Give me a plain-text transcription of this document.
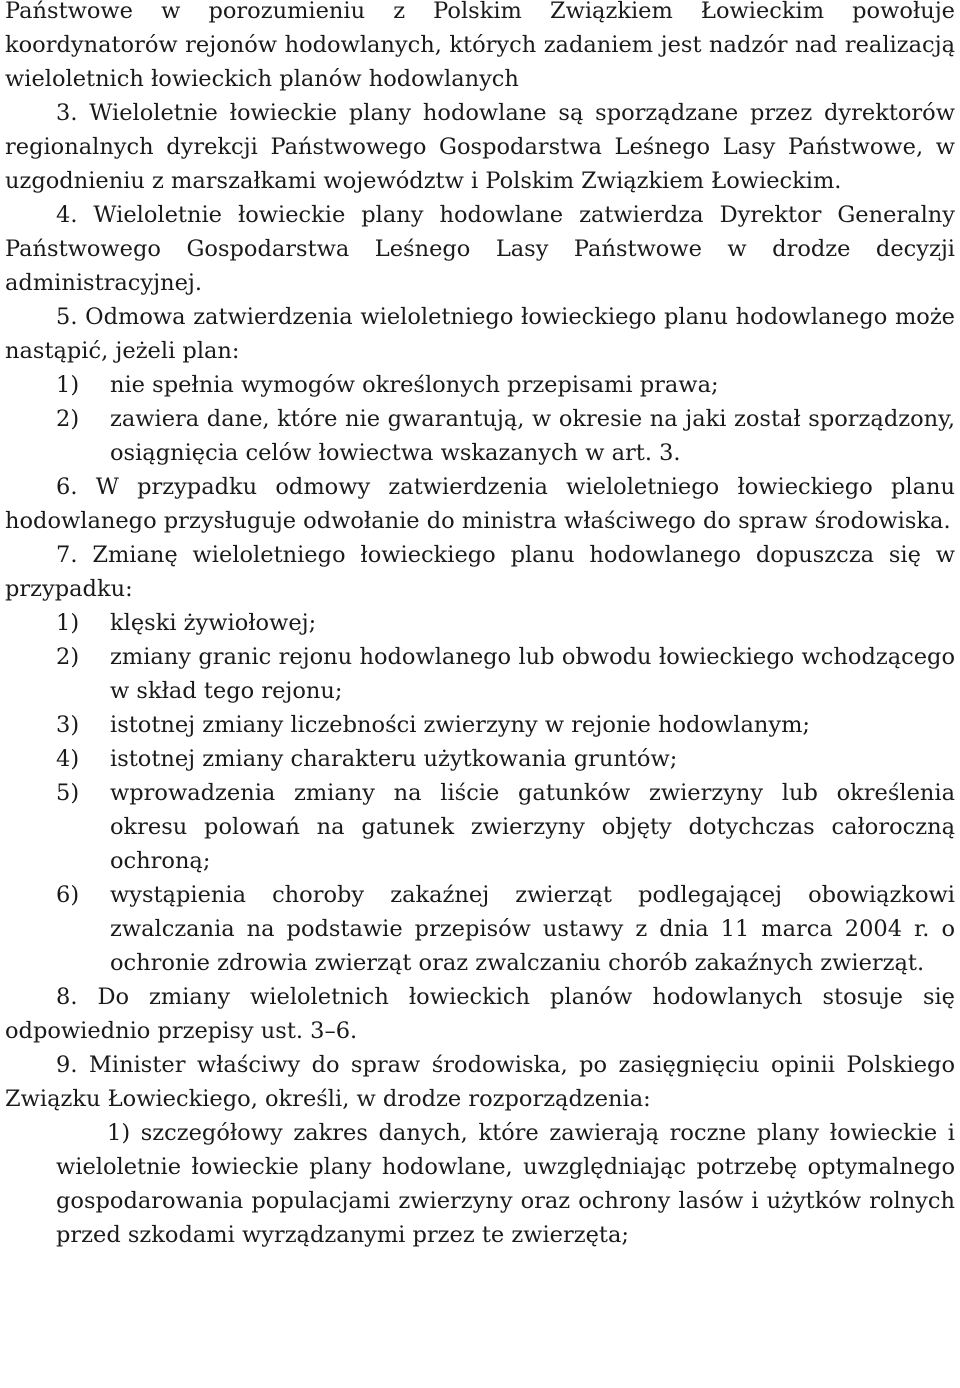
Państwowe w porozumieniu z Polskim Związkiem Łowieckim powołuje koordynatorów rejonów hodowlanych, których zadaniem jest nadzór nad realizacją wieloletnich łowieckich planów hodowlanych

3. Wieloletnie łowieckie plany hodowlane są sporządzane przez dyrektorów regionalnych dyrekcji Państwowego Gospodarstwa Leśnego Lasy Państwowe, w uzgodnieniu z marszałkami województw i Polskim Związkiem Łowieckim.

4. Wieloletnie łowieckie plany hodowlane zatwierdza Dyrektor Generalny Państwowego Gospodarstwa Leśnego Lasy Państwowe w drodze decyzji administracyjnej.

5. Odmowa zatwierdzenia wieloletniego łowieckiego planu hodowlanego może nastąpić, jeżeli plan:

1) nie spełnia wymogów określonych przepisami prawa;
2) zawiera dane, które nie gwarantują, w okresie na jaki został sporządzony, osiągnięcia celów łowiectwa wskazanych w art. 3.

6. W przypadku odmowy zatwierdzenia wieloletniego łowieckiego planu hodowlanego przysługuje odwołanie do ministra właściwego do spraw środowiska.

7. Zmianę wieloletniego łowieckiego planu hodowlanego dopuszcza się w przypadku:

1) klęski żywiołowej;
2) zmiany granic rejonu hodowlanego lub obwodu łowieckiego wchodzącego w skład tego rejonu;
3) istotnej zmiany liczebności zwierzyny w rejonie hodowlanym;
4) istotnej zmiany charakteru użytkowania gruntów;
5) wprowadzenia zmiany na liście gatunków zwierzyny lub określenia okresu polowań na gatunek zwierzyny objęty dotychczas całoroczną ochroną;
6) wystąpienia choroby zakaźnej zwierząt podlegającej obowiązkowi zwalczania na podstawie przepisów ustawy z dnia 11 marca 2004 r. o ochronie zdrowia zwierząt oraz zwalczaniu chorób zakaźnych zwierząt.

8. Do zmiany wieloletnich łowieckich planów hodowlanych stosuje się odpowiednio przepisy ust. 3–6.

9. Minister właściwy do spraw środowiska, po zasięgnięciu opinii Polskiego Związku Łowieckiego, określi, w drodze rozporządzenia:

1) szczegółowy zakres danych, które zawierają roczne plany łowieckie i wieloletnie łowieckie plany hodowlane, uwzględniając potrzebę optymalnego gospodarowania populacjami zwierzyny oraz ochrony lasów i użytków rolnych przed szkodami wyrządzanymi przez te zwierzęta;
